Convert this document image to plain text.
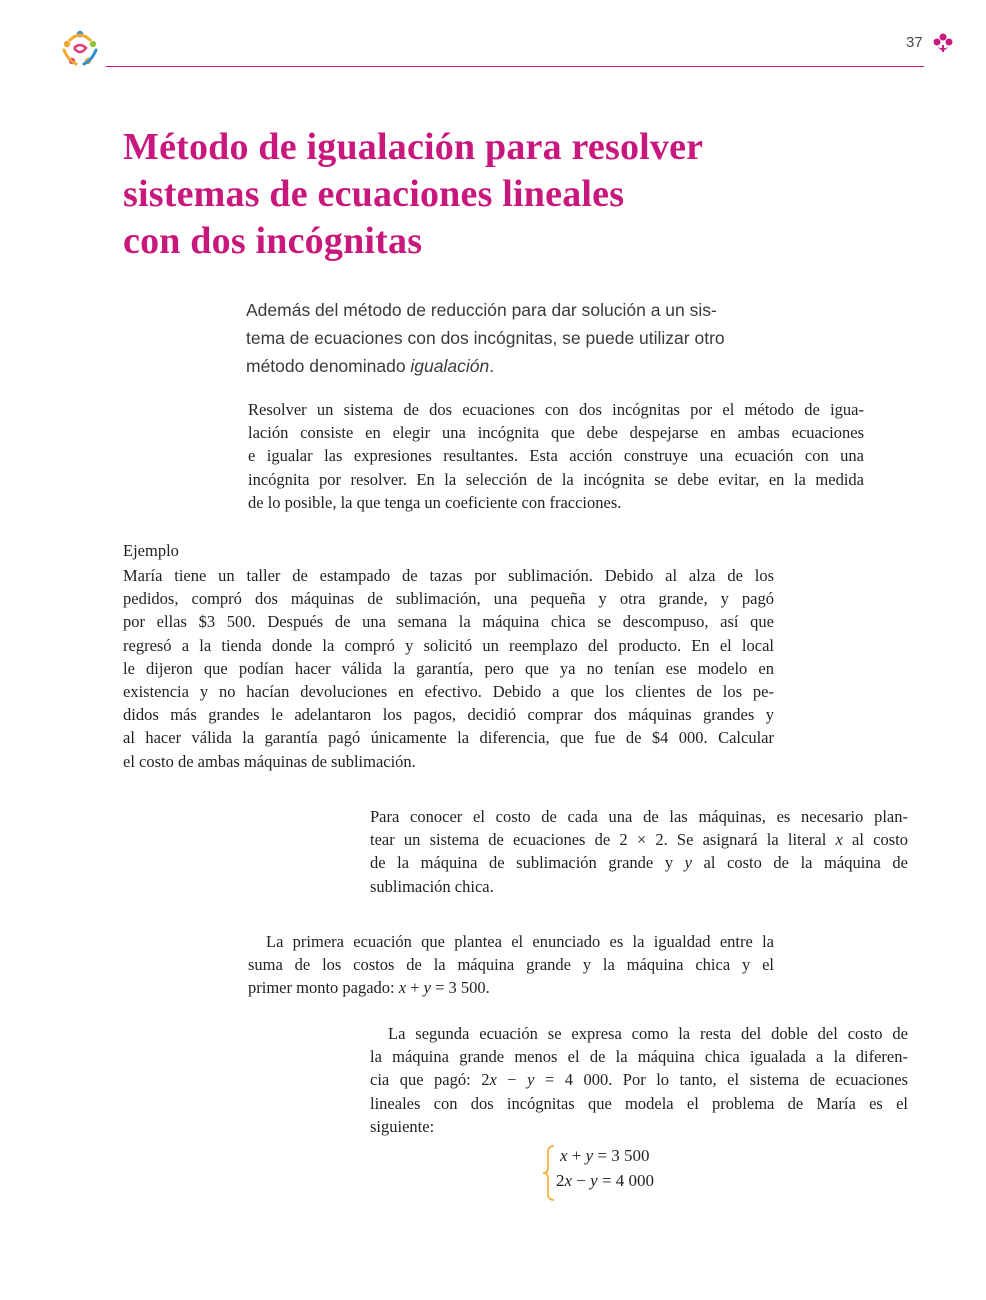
37
Método de igualación para resolver
sistemas de ecuaciones lineales
con dos incógnitas

Además del método de reducción para dar solución a un sis-
tema de ecuaciones con dos incógnitas, se puede utilizar otro
método denominado igualación.

Resolver un sistema de dos ecuaciones con dos incógnitas por el método de igua-
lación consiste en elegir una incógnita que debe despejarse en ambas ecuaciones
e igualar las expresiones resultantes. Esta acción construye una ecuación con una
incógnita por resolver. En la selección de la incógnita se debe evitar, en la medida
de lo posible, la que tenga un coeficiente con fracciones.

Ejemplo

María tiene un taller de estampado de tazas por sublimación. Debido al alza de los
pedidos, compró dos máquinas de sublimación, una pequeña y otra grande, y pagó
por ellas $3 500. Después de una semana la máquina chica se descompuso, así que
regresó a la tienda donde la compró y solicitó un reemplazo del producto. En el local
le dijeron que podían hacer válida la garantía, pero que ya no tenían ese modelo en
existencia y no hacían devoluciones en efectivo. Debido a que los clientes de los pe-
didos más grandes le adelantaron los pagos, decidió comprar dos máquinas grandes y
al hacer válida la garantía pagó únicamente la diferencia, que fue de $4 000. Calcular
el costo de ambas máquinas de sublimación.

Para conocer el costo de cada una de las máquinas, es necesario plan-
tear un sistema de ecuaciones de 2 × 2. Se asignará la literal x al costo
de la máquina de sublimación grande y y al costo de la máquina de
sublimación chica.

La primera ecuación que plantea el enunciado es la igualdad entre la
suma de los costos de la máquina grande y la máquina chica y el
primer monto pagado: x + y = 3 500.

La segunda ecuación se expresa como la resta del doble del costo de
la máquina grande menos el de la máquina chica igualada a la diferen-
cia que pagó: 2x − y = 4 000. Por lo tanto, el sistema de ecuaciones
lineales con dos incógnitas que modela el problema de María es el
siguiente:

x + y = 3 500
2x − y = 4 000
